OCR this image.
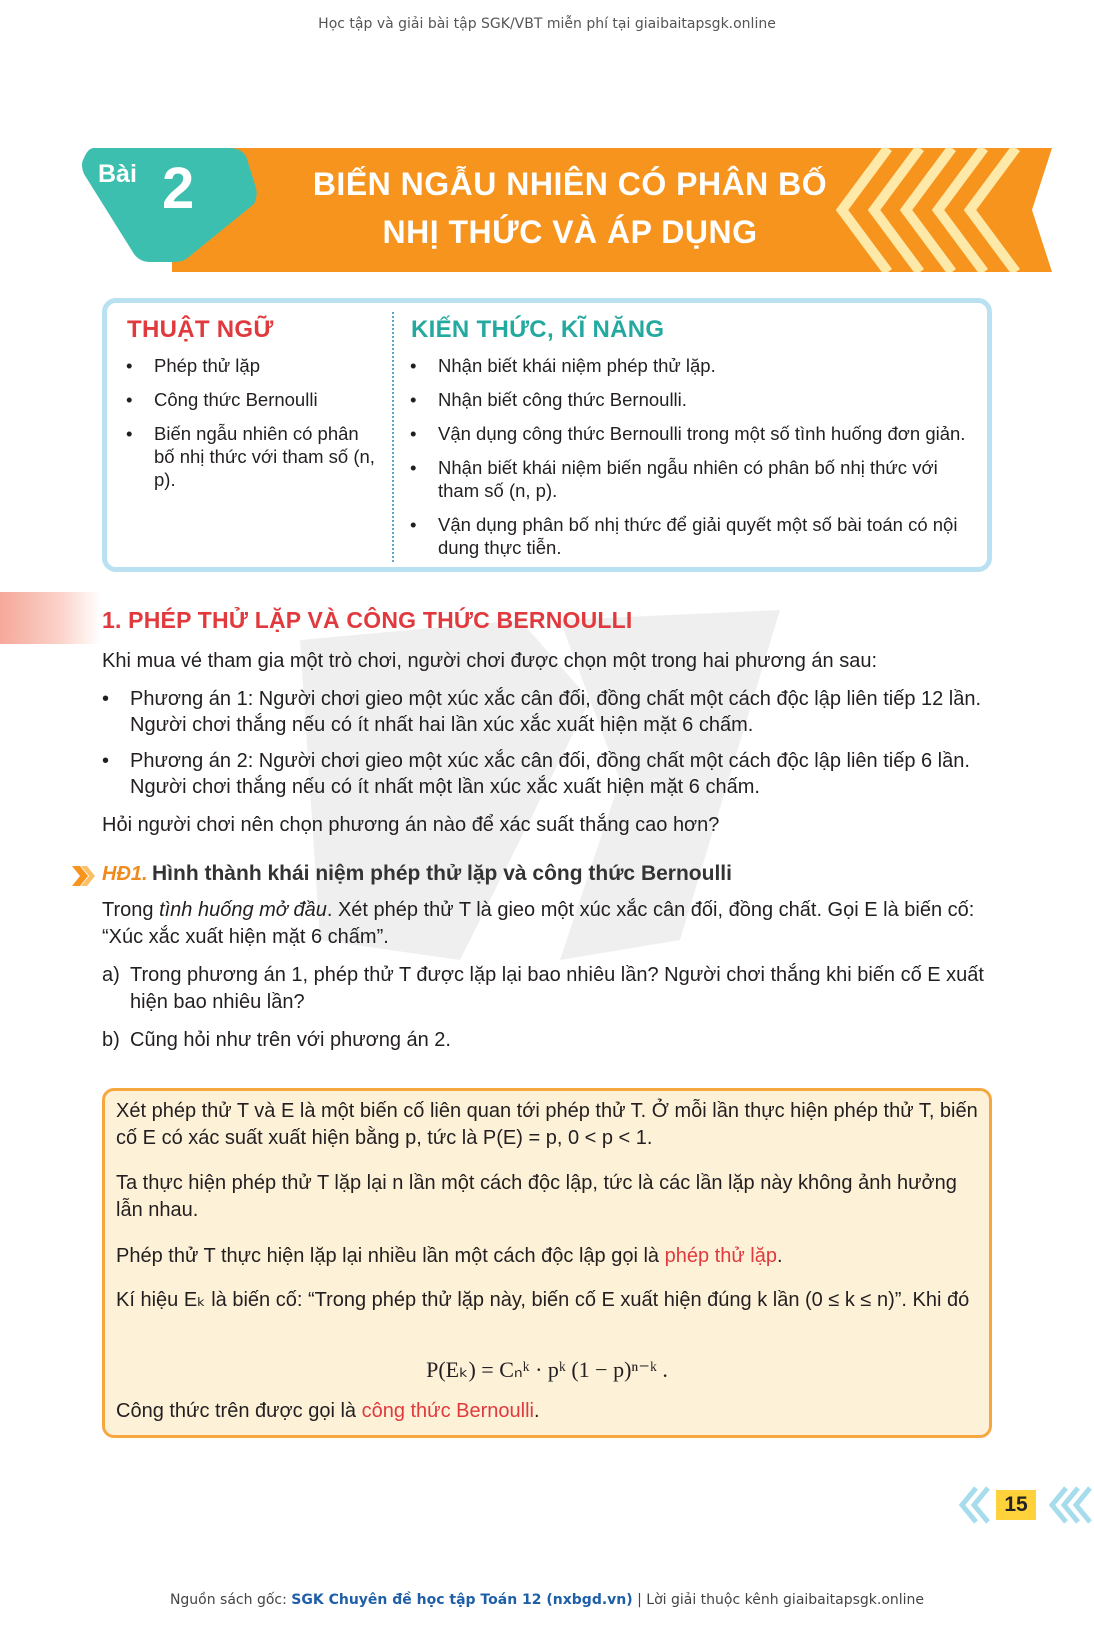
Học tập và giải bài tập SGK/VBT miễn phí tại giaibaitapsgk.online
Bài 2	BIẾN NGẪU NHIÊN CÓ PHÂN BỐ
NHỊ THỨC VÀ ÁP DỤNG
THUẬT NGỮ	KIẾN THỨC, KĨ NĂNG
• Phép thử lặp
• Công thức Bernoulli
• Biến ngẫu nhiên có phân bố nhị thức với tham số (n, p).
• Nhận biết khái niệm phép thử lặp.
• Nhận biết công thức Bernoulli.
• Vận dụng công thức Bernoulli trong một số tình huống đơn giản.
• Nhận biết khái niệm biến ngẫu nhiên có phân bố nhị thức với tham số (n, p).
• Vận dụng phân bố nhị thức để giải quyết một số bài toán có nội dung thực tiễn.
1. PHÉP THỬ LẶP VÀ CÔNG THỨC BERNOULLI
Khi mua vé tham gia một trò chơi, người chơi được chọn một trong hai phương án sau:
• Phương án 1: Người chơi gieo một xúc xắc cân đối, đồng chất một cách độc lập liên tiếp 12 lần. Người chơi thắng nếu có ít nhất hai lần xúc xắc xuất hiện mặt 6 chấm.
• Phương án 2: Người chơi gieo một xúc xắc cân đối, đồng chất một cách độc lập liên tiếp 6 lần. Người chơi thắng nếu có ít nhất một lần xúc xắc xuất hiện mặt 6 chấm.
Hỏi người chơi nên chọn phương án nào để xác suất thắng cao hơn?
HĐ1. Hình thành khái niệm phép thử lặp và công thức Bernoulli
Trong tình huống mở đầu. Xét phép thử T là gieo một xúc xắc cân đối, đồng chất. Gọi E là biến cố: “Xúc xắc xuất hiện mặt 6 chấm”.
a) Trong phương án 1, phép thử T được lặp lại bao nhiêu lần? Người chơi thắng khi biến cố E xuất hiện bao nhiêu lần?
b) Cũng hỏi như trên với phương án 2.
Xét phép thử T và E là một biến cố liên quan tới phép thử T. Ở mỗi lần thực hiện phép thử T, biến cố E có xác suất xuất hiện bằng p, tức là P(E) = p, 0 < p < 1.
Ta thực hiện phép thử T lặp lại n lần một cách độc lập, tức là các lần lặp này không ảnh hưởng lẫn nhau.
Phép thử T thực hiện lặp lại nhiều lần một cách độc lập gọi là phép thử lặp.
Kí hiệu Eₖ là biến cố: “Trong phép thử lặp này, biến cố E xuất hiện đúng k lần (0 ≤ k ≤ n)”. Khi đó
P(Eₖ) = Cₙᵏ · pᵏ (1 − p)ⁿ⁻ᵏ .
Công thức trên được gọi là công thức Bernoulli.
15
Nguồn sách gốc: SGK Chuyên đề học tập Toán 12 (nxbgd.vn) | Lời giải thuộc kênh giaibaitapsgk.online
